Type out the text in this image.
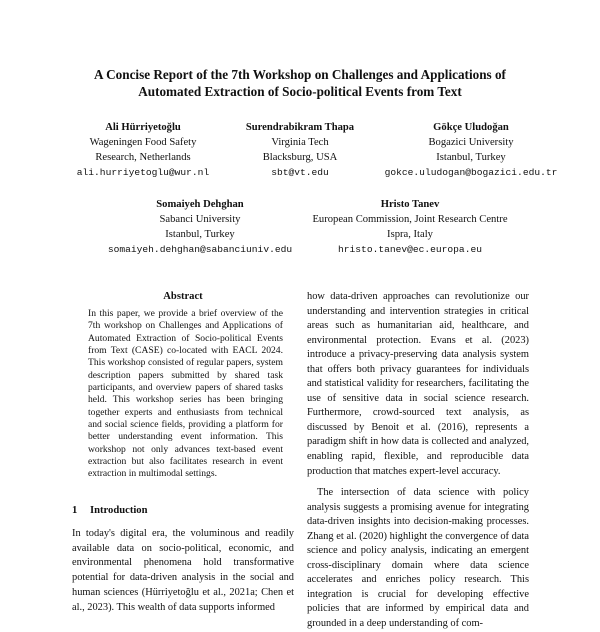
A Concise Report of the 7th Workshop on Challenges and Applications of
Automated Extraction of Socio-political Events from Text
Ali Hürriyetoğlu
Wageningen Food Safety
Research, Netherlands
ali.hurriyetoglu@wur.nl
Surendrabikram Thapa
Virginia Tech
Blacksburg, USA
sbt@vt.edu
Gökçe Uludoğan
Bogazici University
Istanbul, Turkey
gokce.uludogan@bogazici.edu.tr
Somaiyeh Dehghan
Sabanci University
Istanbul, Turkey
somaiyeh.dehghan@sabanciuniv.edu
Hristo Tanev
European Commission, Joint Research Centre
Ispra, Italy
hristo.tanev@ec.europa.eu
Abstract
In this paper, we provide a brief overview of the 7th workshop on Challenges and Applications of Automated Extraction of Socio-political Events from Text (CASE) co-located with EACL 2024. This workshop consisted of regular papers, system description papers submitted by shared task participants, and overview papers of shared tasks held. This workshop series has been bringing together experts and enthusiasts from technical and social science fields, providing a platform for better understanding event information. This workshop not only advances text-based event extraction but also facilitates research in event extraction in multimodal settings.
1 Introduction
In today's digital era, the voluminous and readily available data on socio-political, economic, and environmental phenomena hold transformative potential for data-driven analysis in the social and human sciences (Hürriyetoğlu et al., 2021a; Chen et al., 2023). This wealth of data supports informed

how data-driven approaches can revolutionize our understanding and intervention strategies in critical areas such as humanitarian aid, healthcare, and environmental protection. Evans et al. (2023) introduce a privacy-preserving data analysis system that offers both privacy guarantees for individuals and statistical validity for researchers, facilitating the use of sensitive data in social science research. Furthermore, crowd-sourced text analysis, as discussed by Benoit et al. (2016), represents a paradigm shift in how data is collected and analyzed, enabling rapid, flexible, and reproducible data production that matches expert-level accuracy.

The intersection of data science with policy analysis suggests a promising avenue for integrating data-driven insights into decision-making processes. Zhang et al. (2020) highlight the convergence of data science and policy analysis, indicating an emergent cross-disciplinary domain where data science accelerates and enriches policy research. This integration is crucial for developing effective policies that are informed by empirical data and grounded in a deep understanding of com-
